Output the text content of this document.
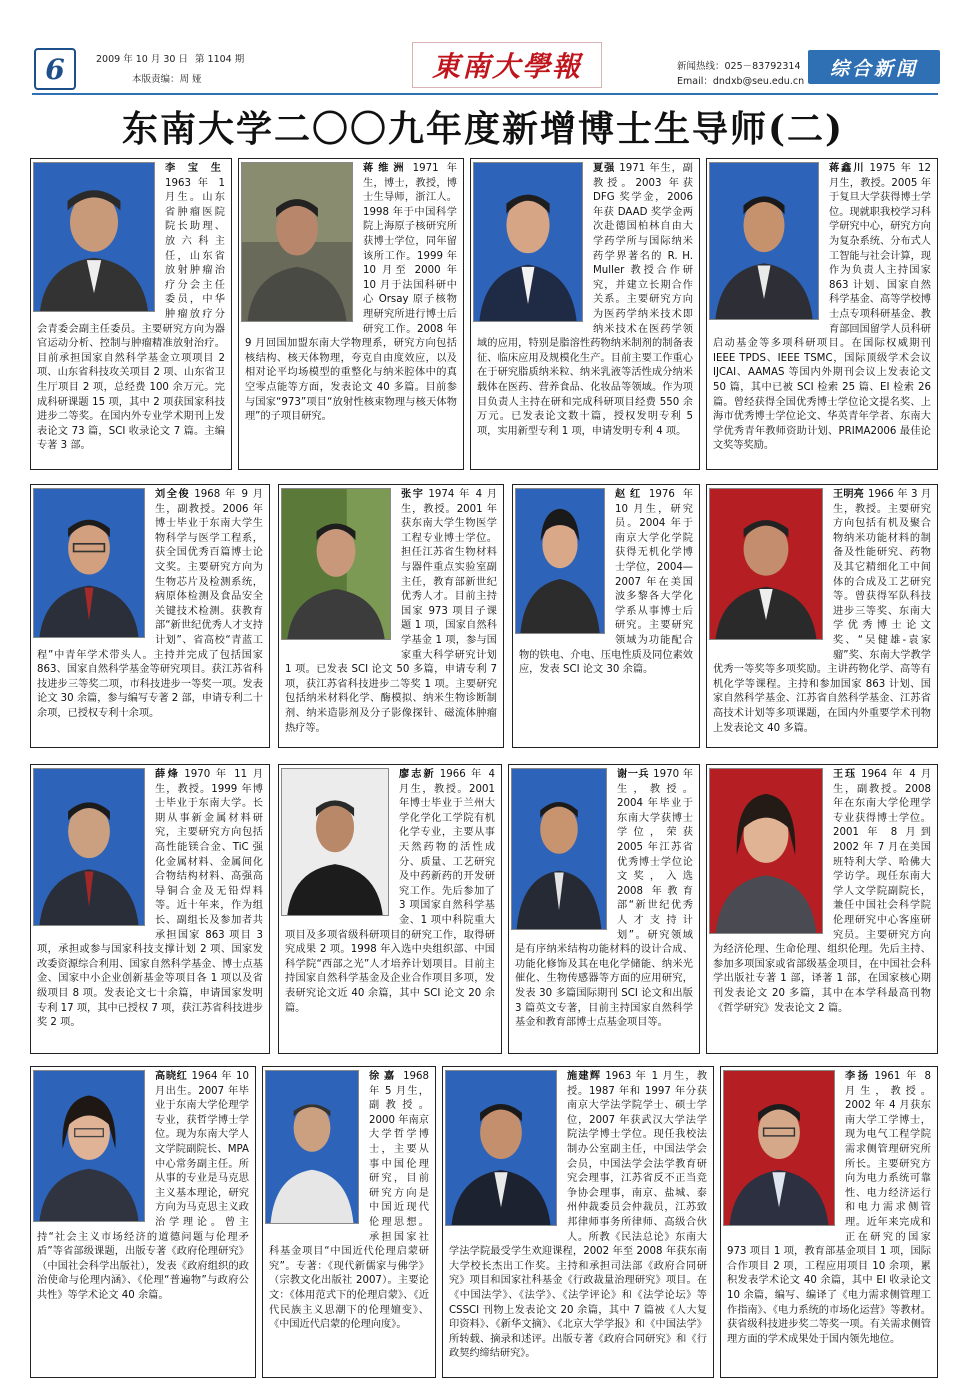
6	2009 年 10 月 30 日 第 1104 期
本版责编：周 娅	東南大學報	新闻热线：025－83792314
Email：dndxb@seu.edu.cn
综合新闻
东南大学二〇〇九年度新增博士生导师(二)
李宝生1963 年 1 月生。山东省肿瘤医院院长助理、放六科主任，山东省放射肿瘤治疗分会主任委员，中华肿瘤放疗分会青委会副主任委员。主要研究方向为器官运动分析、控制与肿瘤精准放射治疗。目前承担国家自然科学基金立项项目 2 项、山东省科技攻关项目 2 项、山东省卫生厅项目 2 项，总经费 100 余万元。完成科研课题 15 项，其中 2 项获国家科技进步二等奖。在国内外专业学术期刊上发表论文 73 篇，SCI 收录论文 7 篇。主编专著 3 部。
蒋维洲 1971 年生，博士，教授，博士生导师，浙江人。1998 年于中国科学院上海原子核研究所获博士学位，同年留该所工作。1999 年 10 月至 2000 年 10 月于法国科研中心 Orsay 原子核物理研究所进行博士后研究工作。2008 年 9 月回国加盟东南大学物理系，研究方向包括核结构、核天体物理，夸克自由度效应，以及相对论平均场模型的重整化与纳米腔体中的真空零点能等方面，发表论文 40 多篇。目前参与国家“973”项目“放射性核束物理与核天体物理”的子项目研究。
夏强 1971 年生，副教授。2003 年获 DFG 奖学金，2006 年获 DAAD 奖学金两次赴德国柏林自由大学药学所与国际纳米药学界著名的 R. H. Muller 教授合作研究，并建立长期合作关系。主要研究方向为医药学纳米技术即纳米技术在医药学领域的应用，特别是脂溶性药物纳米制剂的制备表征、临床应用及规模化生产。目前主要工作重心在于研究脂质纳米粒、纳米乳液等活性成分纳米载体在医药、营养食品、化妆品等领域。作为项目负责人主持在研和完成科研项目经费 550 余万元。已发表论文数十篇，授权发明专利 5 项，实用新型专利 1 项，申请发明专利 4 项。
蒋鑫川 1975 年 12 月生，教授。2005 年于复旦大学获得博士学位。现就职我校学习科学研究中心，研究方向为复杂系统、分布式人工智能与社会计算，现作为负责人主持国家 863 计划、国家自然科学基金、高等学校博士点专项科研基金、教育部回国留学人员科研启动基金等多项科研项目。在国际权威期刊 IEEE TPDS、IEEE TSMC，国际顶级学术会议 IJCAI、AAMAS 等国内外期刊会议上发表论文 50 篇，其中已被 SCI 检索 25 篇、EI 检索 26 篇。曾经获得全国优秀博士学位论文提名奖、上海市优秀博士学位论文、华英青年学者、东南大学优秀青年教师资助计划、PRIMA2006 最佳论文奖等奖励。
刘全俊 1968 年 9 月生，副教授。2006 年博士毕业于东南大学生物科学与医学工程系，获全国优秀百篇博士论文奖。主要研究方向为生物芯片及检测系统，病原体检测及食品安全关键技术检测。获教育部“新世纪优秀人才支持计划”、省高校“青蓝工程”中青年学术带头人。主持并完成了包括国家 863、国家自然科学基金等研究项目。获江苏省科技进步三等奖二项，市科技进步一等奖一项。发表论文 30 余篇，参与编写专著 2 部，申请专利二十余项，已授权专利十余项。
张宇 1974 年 4 月生，教授。2001 年获东南大学生物医学工程专业博士学位。担任江苏省生物材料与器件重点实验室副主任，教育部新世纪优秀人才。目前主持国家 973 项目子课题 1 项，国家自然科学基金 1 项，参与国家重大科学研究计划 1 项。已发表 SCI 论文 50 多篇，申请专利 7 项，获江苏省科技进步二等奖 1 项。主要研究包括纳米材料化学、酶模拟、纳米生物诊断制剂、纳米造影剂及分子影像探针、磁流体肿瘤热疗等。
赵红 1976 年 10 月生，研究员。2004 年于南京大学化学院获得无机化学博士学位，2004—2007 年在美国波多黎各大学化学系从事博士后研究。主要研究领域为功能配合物的铁电、介电、压电性质及同位素效应，发表 SCI 论文 30 余篇。
王明亮 1966 年 3 月生，教授。主要研究方向包括有机及聚合物纳米功能材料的制备及性能研究、药物及其它精细化工中间体的合成及工艺研究等。曾获得军队科技进步三等奖、东南大学优秀博士论文奖、“吴健雄-袁家骝”奖、东南大学教学优秀一等奖等多项奖励。主讲药物化学、高等有机化学等课程。主持和参加国家 863 计划、国家自然科学基金、江苏省自然科学基金、江苏省高技术计划等多项课题，在国内外重要学术刊物上发表论文 40 多篇。
薛烽 1970 年 11 月生，教授。1999 年博士毕业于东南大学。长期从事新金属材料研究，主要研究方向包括高性能镁合金、TiC 强化金属材料、金属间化合物结构材料、高强高导铜合金及无铅焊料等。近十年来，作为组长、副组长及参加者共承担国家 863 项目 3 项，承担或参与国家科技支撑计划 2 项、国家发改委资源综合利用、国家自然科学基金、博士点基金、国家中小企业创新基金等项目各 1 项以及省级项目 8 项。发表论文七十余篇，申请国家发明专利 17 项，其中已授权 7 项，获江苏省科技进步奖 2 项。
廖志新 1966 年 4 月生，教授。2001 年博士毕业于兰州大学化学化工学院有机化学专业，主要从事天然药物的活性成分、质量、工艺研究及中药新药的开发研究工作。先后参加了 3 项国家自然科学基金、1 项中科院重大项目及多项省级科研项目的研究工作，取得研究成果 2 项。1998 年入选中央组织部、中国科学院“西部之光”人才培养计划项目。目前主持国家自然科学基金及企业合作项目多项，发表研究论文近 40 余篇，其中 SCI 论文 20 余篇。
谢一兵 1970 年生，教授。2004 年毕业于东南大学获博士学位，荣获 2005 年江苏省优秀博士学位论文奖，入选 2008 年教育部“新世纪优秀人才支持计划”。研究领域是有序纳米结构功能材料的设计合成、功能化修饰及其在电化学储能、纳米光催化、生物传感器等方面的应用研究，发表 30 多篇国际期刊 SCI 论文和出版 3 篇英文专著，目前主持国家自然科学基金和教育部博士点基金项目等。
王珏 1964 年 4 月生，副教授。2008 年在东南大学伦理学专业获得博士学位。2001 年 8 月到 2002 年 7 月在美国班特利大学、哈佛大学访学。现任东南大学人文学院副院长，兼任中国社会科学院伦理研究中心客座研究员。主要研究方向为经济伦理、生命伦理、组织伦理。先后主持、参加多项国家或省部级基金项目，在中国社会科学出版社专著 1 部，译著 1 部，在国家核心期刊发表论文 20 多篇，其中在本学科最高刊物《哲学研究》发表论文 2 篇。
高晓红 1964 年 10 月出生。2007 年毕业于东南大学伦理学专业，获哲学博士学位。现为东南大学人文学院副院长、MPA 中心常务副主任。所从事的专业是马克思主义基本理论，研究方向为马克思主义政治学理论。曾主持“社会主义市场经济的道德问题与伦理矛盾”等省部级课题，出版专著《政府伦理研究》（中国社会科学出版社），发表《政府组织的政治使命与伦理内涵》、《伦理“普遍物”与政府公共性》等学术论文 40 余篇。
徐嘉 1968 年 5 月生，副教授。2000 年南京大学哲学博士，主要从事中国伦理研究，目前研究方向是中国近现代伦理思想。承担国家社科基金项目“中国近代伦理启蒙研究”。专著：《现代新儒家与佛学》（宗教文化出版社 2007）。主要论文：《体用范式下的伦理启蒙》、《近代民族主义思潮下的伦理嬗变》、《中国近代启蒙的伦理向度》。
施建辉 1963 年 1 月生，教授。1987 年和 1997 年分获南京大学法学院学士、硕士学位，2007 年获武汉大学法学院法学博士学位。现任我校法制办公室副主任，中国法学会会员，中国法学会法学教育研究会理事，江苏省反不正当竞争协会理事，南京、盐城、泰州仲裁委员会仲裁员，江苏致邦律师事务所律师、高级合伙人。所教《民法总论》东南大学法学院最受学生欢迎课程，2002 年至 2008 年获东南大学校长杰出工作奖。主持和承担司法部《政府合同研究》项目和国家社科基金《行政裁量治理研究》项目。在《中国法学》、《法学》、《法学评论》和《法学论坛》等 CSSCI 刊物上发表论文 20 余篇，其中 7 篇被《人大复印资料》、《新华文摘》、《北京大学学报》和《中国法学》所转载、摘录和述评。出版专著《政府合同研究》和《行政契约缔结研究》。
李扬 1961 年 8 月生，教授。2002 年 4 月获东南大学工学博士，现为电气工程学院需求侧管理研究所所长。主要研究方向为电力系统可靠性、电力经济运行和电力需求侧管理。近年来完成和正在研究的国家 973 项目 1 项，教育部基金项目 1 项，国际合作项目 2 项，工程应用项目 10 余项，累积发表学术论文 40 余篇，其中 EI 收录论文 10 余篇，编写、编译了《电力需求侧管理工作指南》、《电力系统的市场化运营》等教材。获省级科技进步奖二等奖一项。有关需求侧管理方面的学术成果处于国内领先地位。
